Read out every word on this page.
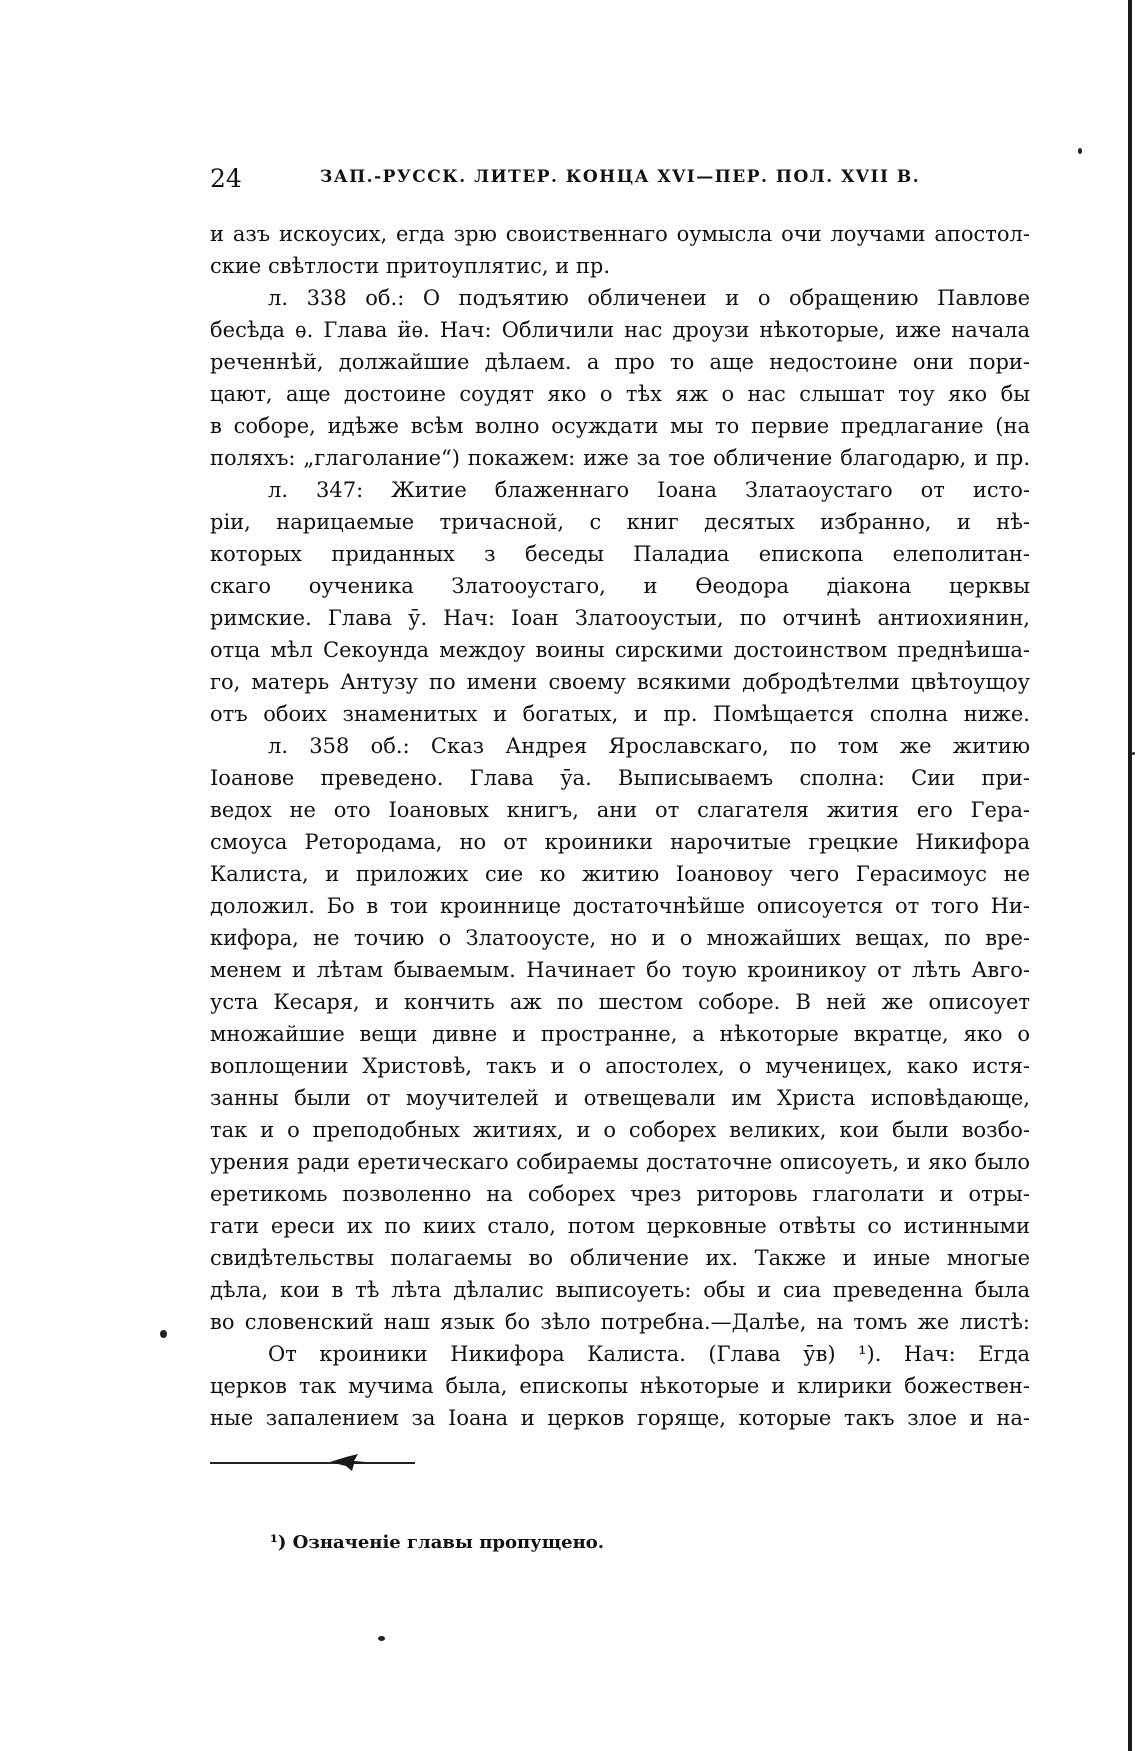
24	ЗАП.-РУССК. ЛИТЕР. КОНЦА XVI—ПЕР. ПОЛ. XVII В.
и азъ искоусих, егда зрю своиственнаго оумысла очи лоучами апостол-
ские свѣтлости притоуплятис, и пр.
л. 338 об.: О подъятию обличенеи и о обращению Павлове
бесѣда ѳ. Глава ӥѳ. Нач: Обличили нас дроузи нѣкоторые, иже начала
реченнѣй, должайшие дѣлаем. а про то аще недостоине они пори-
цают, аще достоине соудят яко о тѣх яж о нас слышат тоу яко бы
в соборе, идѣже всѣм волно осуждати мы то первие предлагание (на
поляхъ: „глаголание“) покажем: иже за тое обличение благодарю, и пр.
л. 347: Житие блаженнаго Іоана Златаоустаго от исто-
ріи, нарицаемые тричасной, с книг десятых избранно, и нѣ-
которых приданных з беседы Паладиа епископа елеполитан-
скаго оученика Златооустаго, и Ѳеодора діакона церквы
римские. Глава ӯ. Нач: Іоан Златооустыи, по отчинѣ антиохиянин,
отца мѣл Секоунда междоу воины сирскими достоинством преднѣиша-
го, матерь Антузу по имени своему всякими добродѣтелми цвѣтоущоу
отъ обоих знаменитых и богатых, и пр. Помѣщается сполна ниже.
л. 358 об.: Сказ Андрея Ярославскаго, по том же житию
Іоанове преведено. Глава ӯа. Выписываемъ сполна: Сии при-
ведох не ото Іоановых книгъ, ани от слагателя жития его Гера-
смоуса Ретородама, но от кроиники нарочитые грецкие Никифора
Калиста, и приложих сие ко житию Іоановоу чего Герасимоус не
доложил. Бо в тои кроиннице достаточнѣйше описоуется от того Ни-
кифора, не точию о Златооусте, но и о множайших вещах, по вре-
менем и лѣтам бываемым. Начинает бо тоую кроиникоу от лѣть Авго-
уста Кесаря, и кончить аж по шестом соборе. В ней же описоует
множайшие вещи дивне и пространне, а нѣкоторые вкратце, яко о
воплощении Христовѣ, такъ и о апостолех, о мученицех, како истя-
занны были от моучителей и отвещевали им Христа исповѣдающе,
так и о преподобных житиях, и о соборех великих, кои были возбо-
урения ради еретическаго собираемы достаточне описоуеть, и яко было
еретикомь позволенно на соборех чрез риторовь глаголати и отры-
гати ереси их по киих стало, потом церковные отвѣты со истинными
свидѣтельствы полагаемы во обличение их. Также и иные многые
дѣла, кои в тѣ лѣта дѣлалис выписоуеть: обы и сиа преведенна была
во словенский наш язык бо зѣло потребна.—Далѣе, на томъ же листѣ:
От кроиники Никифора Калиста. (Глава ӯв) ¹). Нач: Егда
церков так мучима была, епископы нѣкоторые и клирики божествен-
ные запалением за Іоана и церков горяще, которые такъ злое и на-
¹) Означеніе главы пропущено.
